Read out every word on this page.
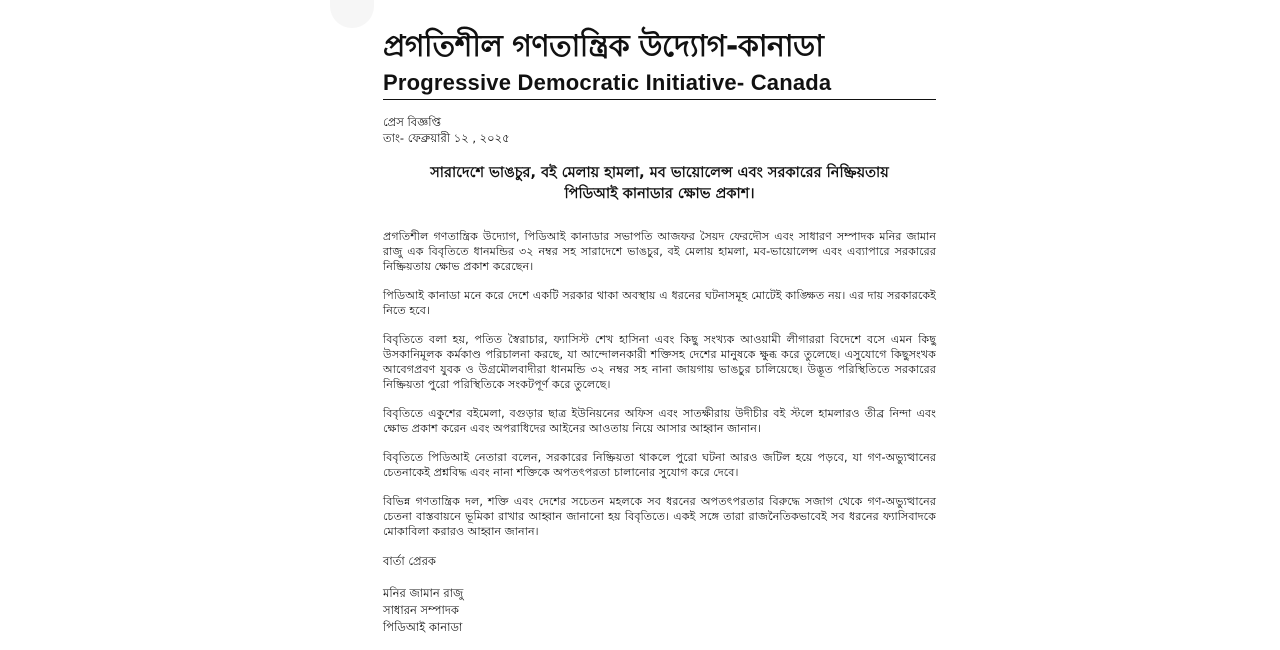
প্রগতিশীল গণতান্ত্রিক উদ্যোগ-কানাডা
Progressive Democratic Initiative- Canada
প্রেস বিজ্ঞপ্তি
তাং- ফেব্রুয়ারী ১২ , ২০২৫
সারাদেশে ভাঙচুর, বই মেলায় হামলা, মব ভায়োলেন্স এবং সরকারের নিষ্ক্রিয়তায়
পিডিআই কানাডার ক্ষোভ প্রকাশ।

প্রগতিশীল গণতান্ত্রিক উদ্যোগ, পিডিআই কানাডার সভাপতি আজফর সৈয়দ ফেরদৌস এবং সাধারণ সম্পাদক মনির জামান রাজু এক বিবৃতিতে ধানমন্ডির ৩২ নম্বর সহ সারাদেশে ভাঙচুর, বই মেলায় হামলা, মব-ভায়োলেন্স এবং এব্যাপারে সরকারের নিষ্ক্রিয়তায় ক্ষোভ প্রকাশ করেছেন।

পিডিআই কানাডা মনে করে দেশে একটি সরকার থাকা অবস্থায় এ ধরনের ঘটনাসমূহ মোটেই কাঙ্ক্ষিত নয়। এর দায় সরকারকেই নিতে হবে।

বিবৃতিতে বলা হয়, পতিত স্বৈরাচার, ফ্যাসিস্ট শেখ হাসিনা এবং কিছু সংখ্যক আওয়ামী লীগাররা বিদেশে বসে এমন কিছু উসকানিমূলক কর্মকাণ্ড পরিচালনা করছে, যা আন্দোলনকারী শক্তিসহ দেশের মানুষকে ক্ষুব্ধ করে তুলেছে। এসুযোগে কিছুসংখক আবেগপ্রবণ যুবক ও উগ্রমৌলবাদীরা ধানমন্ডি ৩২ নম্বর সহ নানা জায়গায় ভাঙচুর চালিয়েছে। উদ্ভূত পরিস্থিতিতে সরকারের নিষ্ক্রিয়তা পুরো পরিস্থিতিকে সংকটপূর্ণ করে তুলেছে।

বিবৃতিতে একুশের বইমেলা, বগুড়ার ছাত্র ইউনিয়নের অফিস এবং সাতক্ষীরায় উদীচীর বই স্টলে হামলারও তীব্র নিন্দা এবং ক্ষোভ প্রকাশ করেন এবং অপরাধিদের আইনের আওতায় নিয়ে আসার আহ্বান জানান।

বিবৃতিতে পিডিআই নেতারা বলেন, সরকারের নিষ্ক্রিয়তা থাকলে পুরো ঘটনা আরও জটিল হয়ে পড়বে, যা গণ-অভ্যুত্থানের চেতনাকেই প্রশ্নবিদ্ধ এবং নানা শক্তিকে অপতৎপরতা চালানোর সুযোগ করে দেবে।

বিভিন্ন গণতান্ত্রিক দল, শক্তি এবং দেশের সচেতন মহলকে সব ধরনের অপতৎপরতার বিরুদ্ধে সজাগ থেকে গণ-অভ্যুত্থানের চেতনা বাস্তবায়নে ভূমিকা রাখার আহ্বান জানানো হয় বিবৃতিতে। একই সঙ্গে তারা রাজনৈতিকভাবেই সব ধরনের ফ্যাসিবাদকে মোকাবিলা করারও আহ্বান জানান।

বার্তা প্রেরক
মনির জামান রাজু
সাধারন সম্পাদক
পিডিআই কানাডা
